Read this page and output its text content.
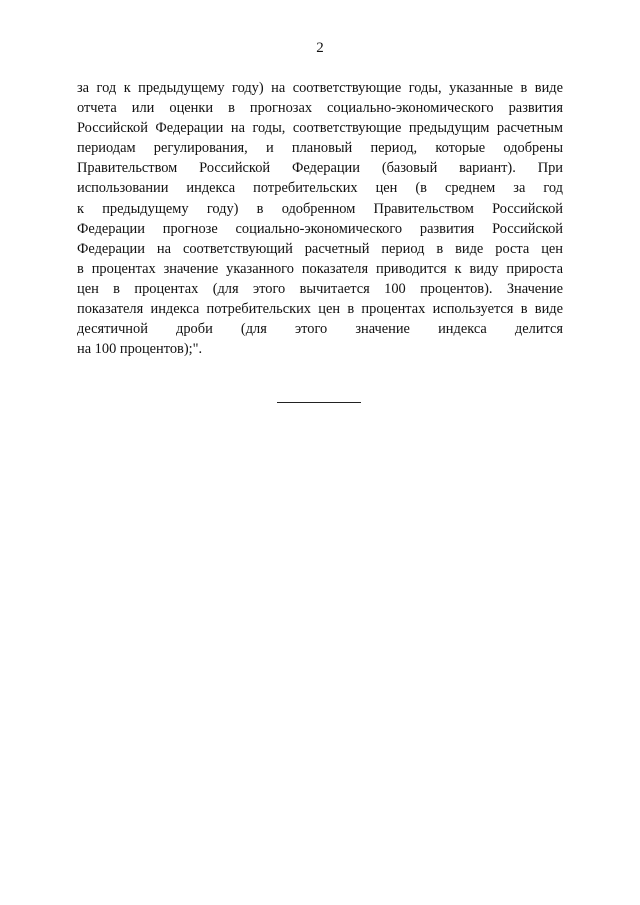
2
за год к предыдущему году) на соответствующие годы, указанные в виде
отчета или оценки в прогнозах социально-экономического развития
Российской Федерации на годы, соответствующие предыдущим расчетным
периодам регулирования, и плановый период, которые одобрены
Правительством Российской Федерации (базовый вариант). При
использовании индекса потребительских цен (в среднем за год
к предыдущему году) в одобренном Правительством Российской
Федерации прогнозе социально-экономического развития Российской
Федерации на соответствующий расчетный период в виде роста цен
в процентах значение указанного показателя приводится к виду прироста
цен в процентах (для этого вычитается 100 процентов). Значение
показателя индекса потребительских цен в процентах используется в виде
десятичной дроби (для этого значение индекса делится
на 100 процентов);".
